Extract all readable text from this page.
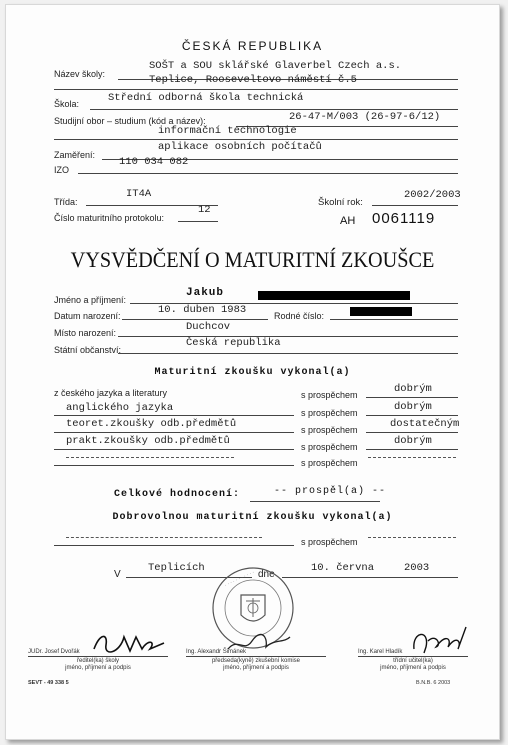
ČESKÁ REPUBLIKA
Název školy:
SOŠT a SOU sklářské Glaverbel Czech a.s.
Teplice, Rooseveltovo náměstí č.5
Škola:	Střední odborná škola technická
Studijní obor – studium (kód a název):	26-47-M/003 (26-97-6/12)
informační technologie
Zaměření:
aplikace osobních počítačů
IZO
110 034 082
Třída:
IT4A
Číslo maturitního protokolu:
12
Školní rok:
2002/2003
AH 0061119
VYSVĚDČENÍ O MATURITNÍ ZKOUŠCE
Jméno a příjmení:
Jakub
Datum narození:	10. duben 1983	Rodné číslo:
Místo narození:	Duchcov
Státní občanství:
Česká republika
Maturitní zkoušku vykonal(a)
z českého jazyka a literatury	s prospěchem	dobrým
anglického jazyka	s prospěchem	dobrým
teoret.zkoušky odb.předmětů	s prospěchem	dostatečným
prakt.zkoušky odb.předmětů	s prospěchem	dobrým
s prospěchem
Celkové hodnocení:	-- prospěl(a) --
Dobrovolnou maturitní zkoušku vykonal(a)
s prospěchem
V
Teplicích
dne
10. června	2003
· · · · · · · · · · ·
JUDr. Josef Dvořák
ředitel(ka) školy
jméno, příjmení a podpis
Ing. Alexandr Šimánek
předseda(kyně) zkušební komise
jméno, příjmení a podpis
Ing. Karel Hladík
třídní učitel(ka)
jméno, příjmení a podpis
SEVT - 49 338 5	B.N.B. 6 2003
